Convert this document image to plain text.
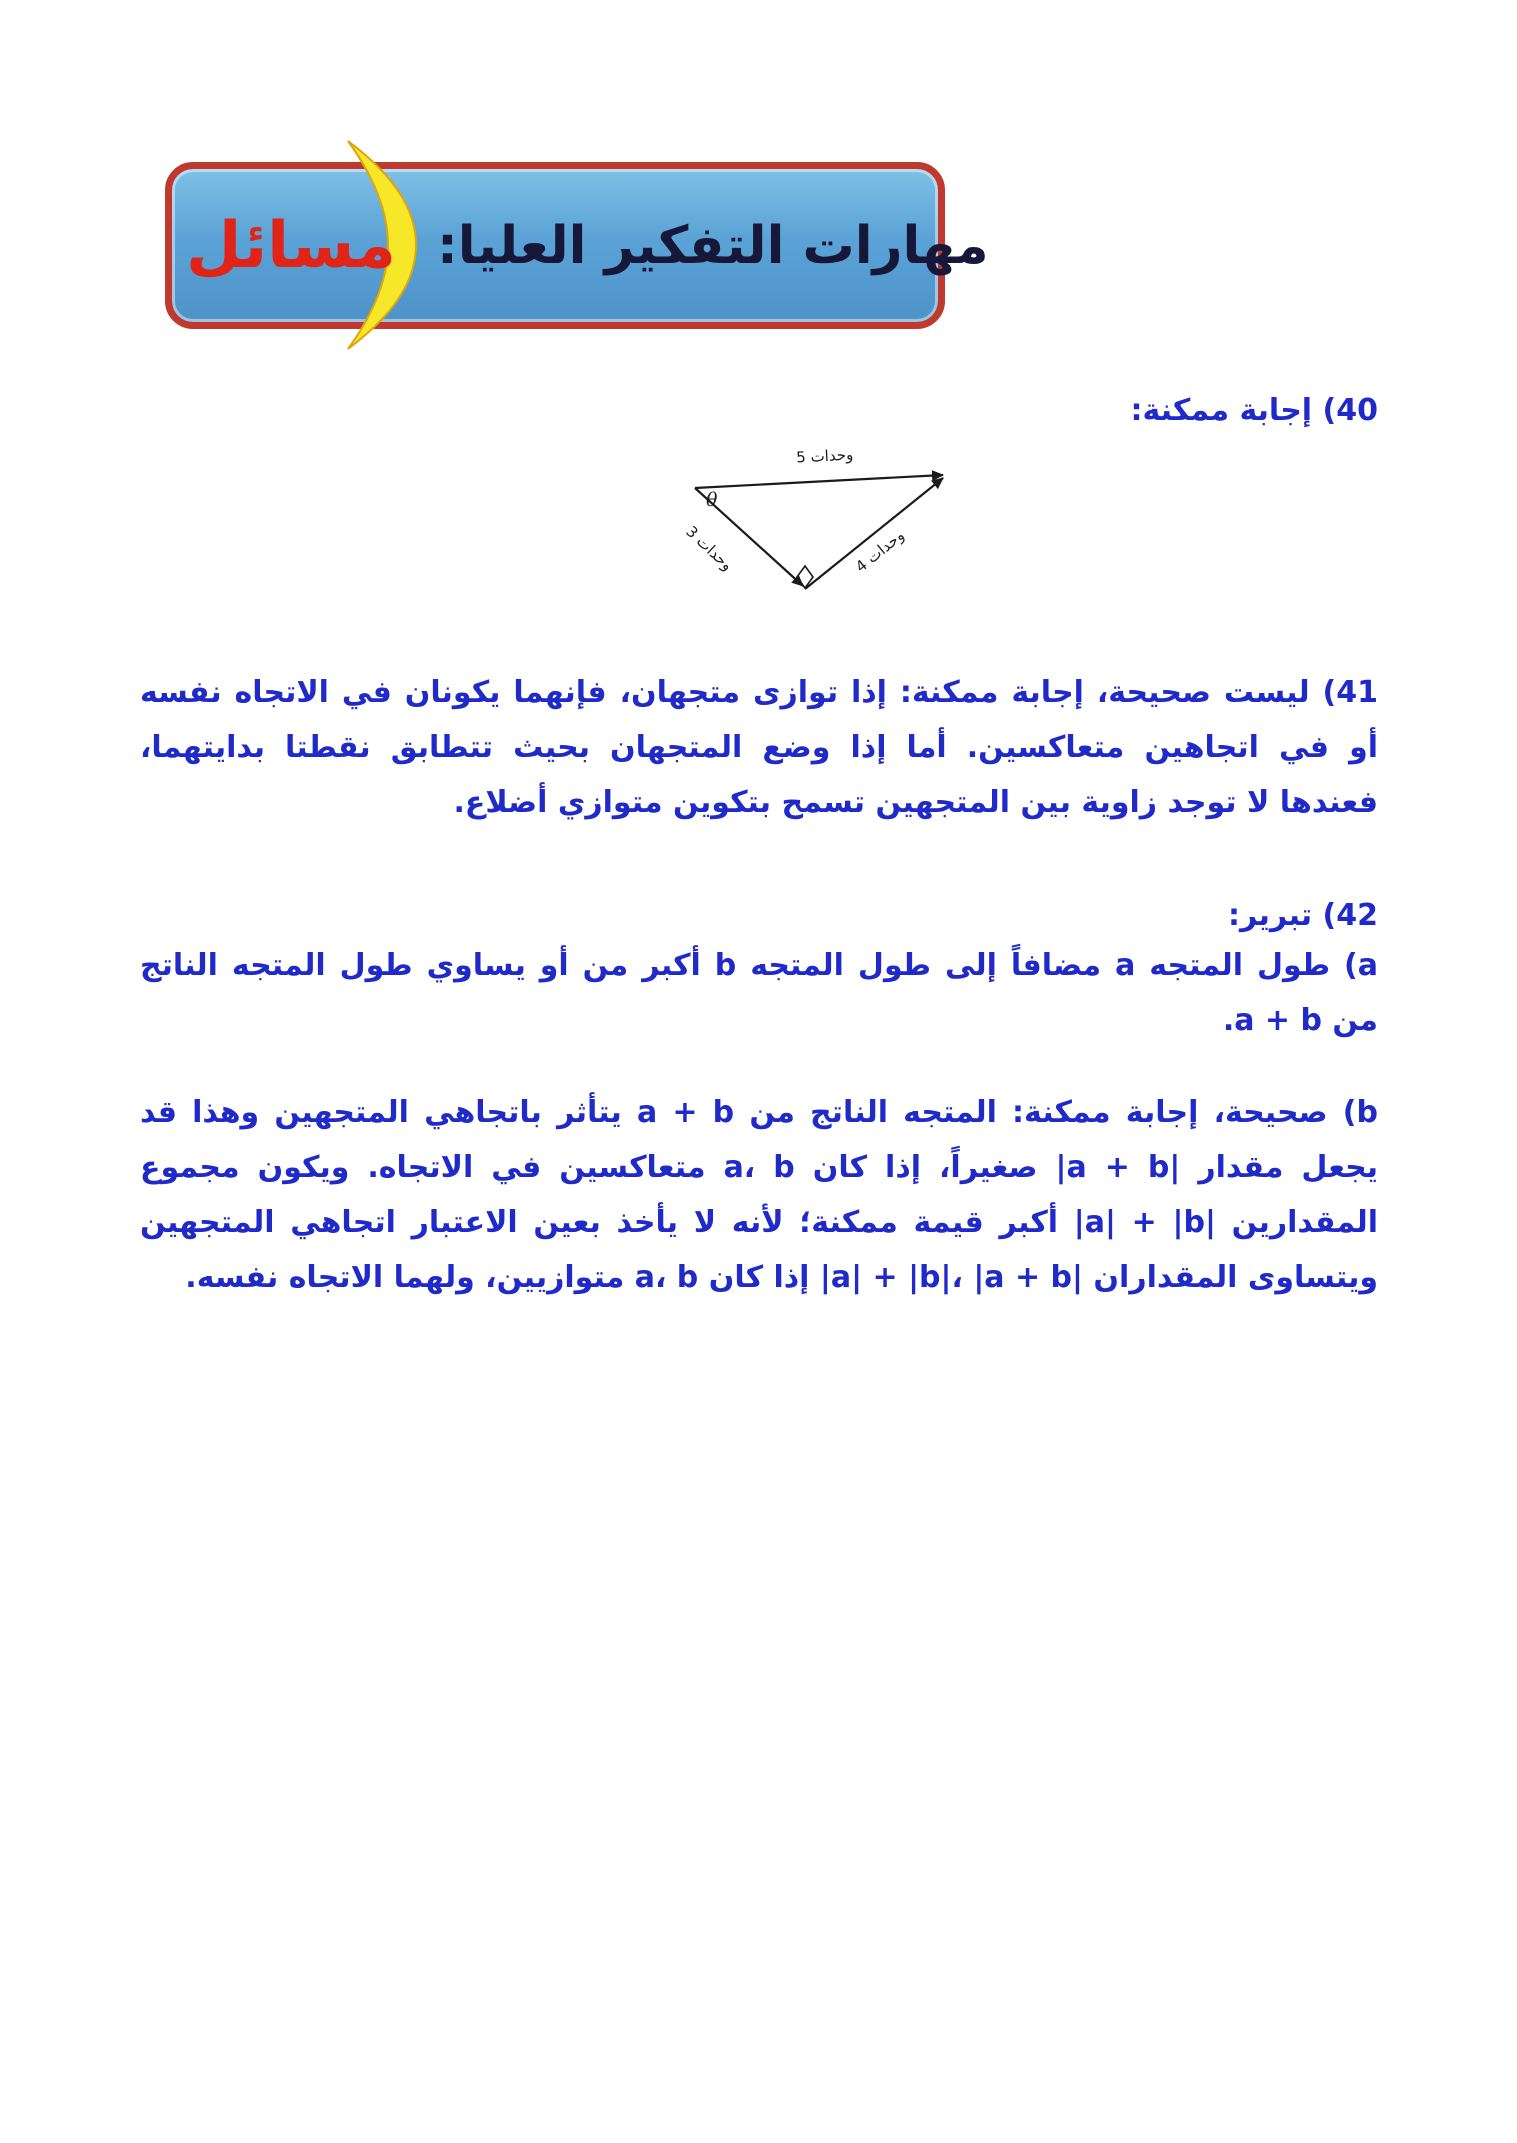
مسائل مهارات التفكير العليا:
40) إجابة ممكنة:
θ
5 وحدات
3 وحدات	4 وحدات
41) ليست صحيحة، إجابة ممكنة: إذا توازى متجهان، فإنهما يكونان في الاتجاه نفسه أو في اتجاهين متعاكسين. أما إذا وضع المتجهان بحيث تتطابق نقطتا بدايتهما، فعندها لا توجد زاوية بين المتجهين تسمح بتكوين متوازي أضلاع.
42) تبرير:
a) طول المتجه a مضافاً إلى طول المتجه b أكبر من أو يساوي طول المتجه الناتج من a + b.
b) صحيحة، إجابة ممكنة: المتجه الناتج من a + b يتأثر باتجاهي المتجهين وهذا قد يجعل مقدار |a + b| صغيراً، إذا كان a، b متعاكسين في الاتجاه. ويكون مجموع المقدارين |a| + |b| أكبر قيمة ممكنة؛ لأنه لا يأخذ بعين الاعتبار اتجاهي المتجهين ويتساوى المقداران |a| + |b|، |a + b| إذا كان a، b متوازيين، ولهما الاتجاه نفسه.
